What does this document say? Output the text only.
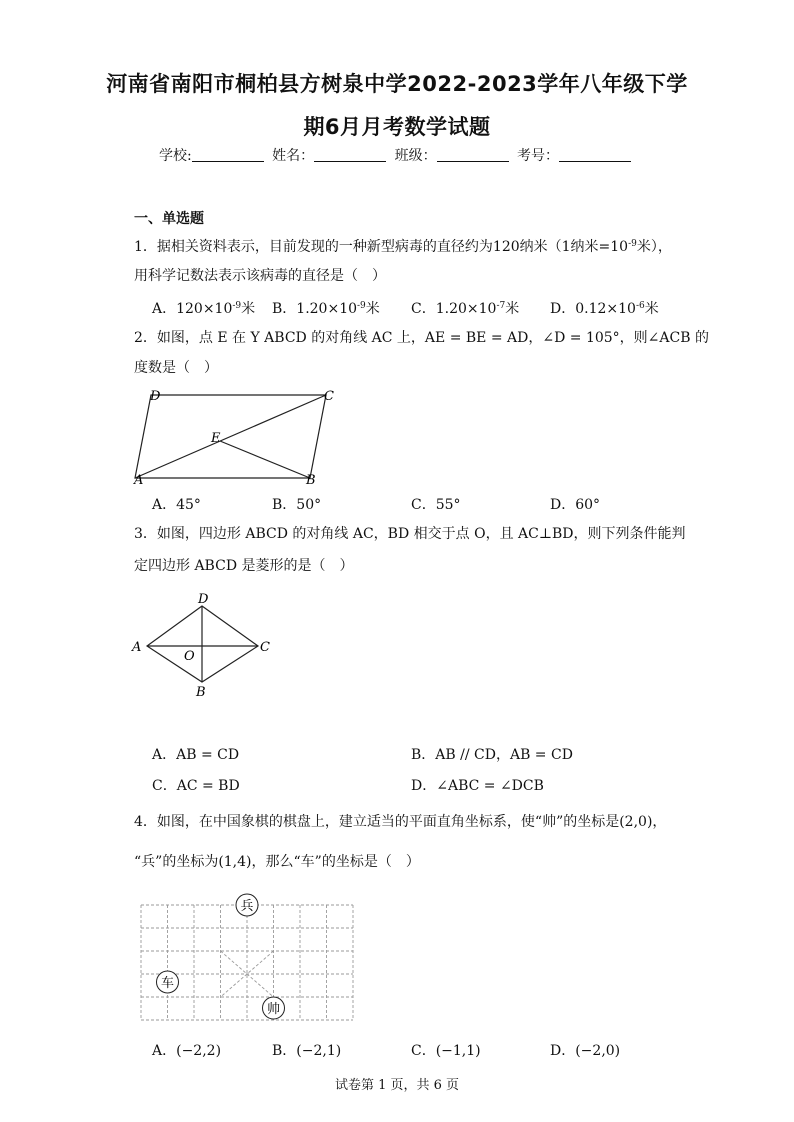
河南省南阳市桐柏县方树泉中学2022-2023学年八年级下学
期6月月考数学试题
学校:	姓名：	班级：	考号：
一、单选题
1．据相关资料表示，目前发现的一种新型病毒的直径约为120纳米（1纳米$=10^{-9}$米），
用科学记数法表示该病毒的直径是（　）
A．$120\times 10^{-9}$米 B．$1.20\times 10^{-9}$米 C．$1.20\times 10^{-7}$米 D．$0.12\times 10^{-6}$米
2．如图，点 E 在 Y ABCD 的对角线 AC 上，AE = BE = AD，∠D = 105°，则∠ACB 的
度数是（　）
D	C
E
A	B
A．45°	B．50°	C．55°	D．60°
3．如图，四边形 ABCD 的对角线 AC，BD 相交于点 O，且 AC⊥BD，则下列条件能判
定四边形 ABCD 是菱形的是（　）
D
A	C
O
B
A．AB = CD	B．AB // CD，AB = CD
C．AC = BD	D．∠ABC = ∠DCB
4．如图，在中国象棋的棋盘上，建立适当的平面直角坐标系，使“帅”的坐标是(2,0)，
“兵”的坐标为(1,4)，那么“车”的坐标是（　）
兵
车
帅
A．(−2,2)	B．(−2,1)	C．(−1,1)	D．(−2,0)
试卷第 1 页，共 6 页
